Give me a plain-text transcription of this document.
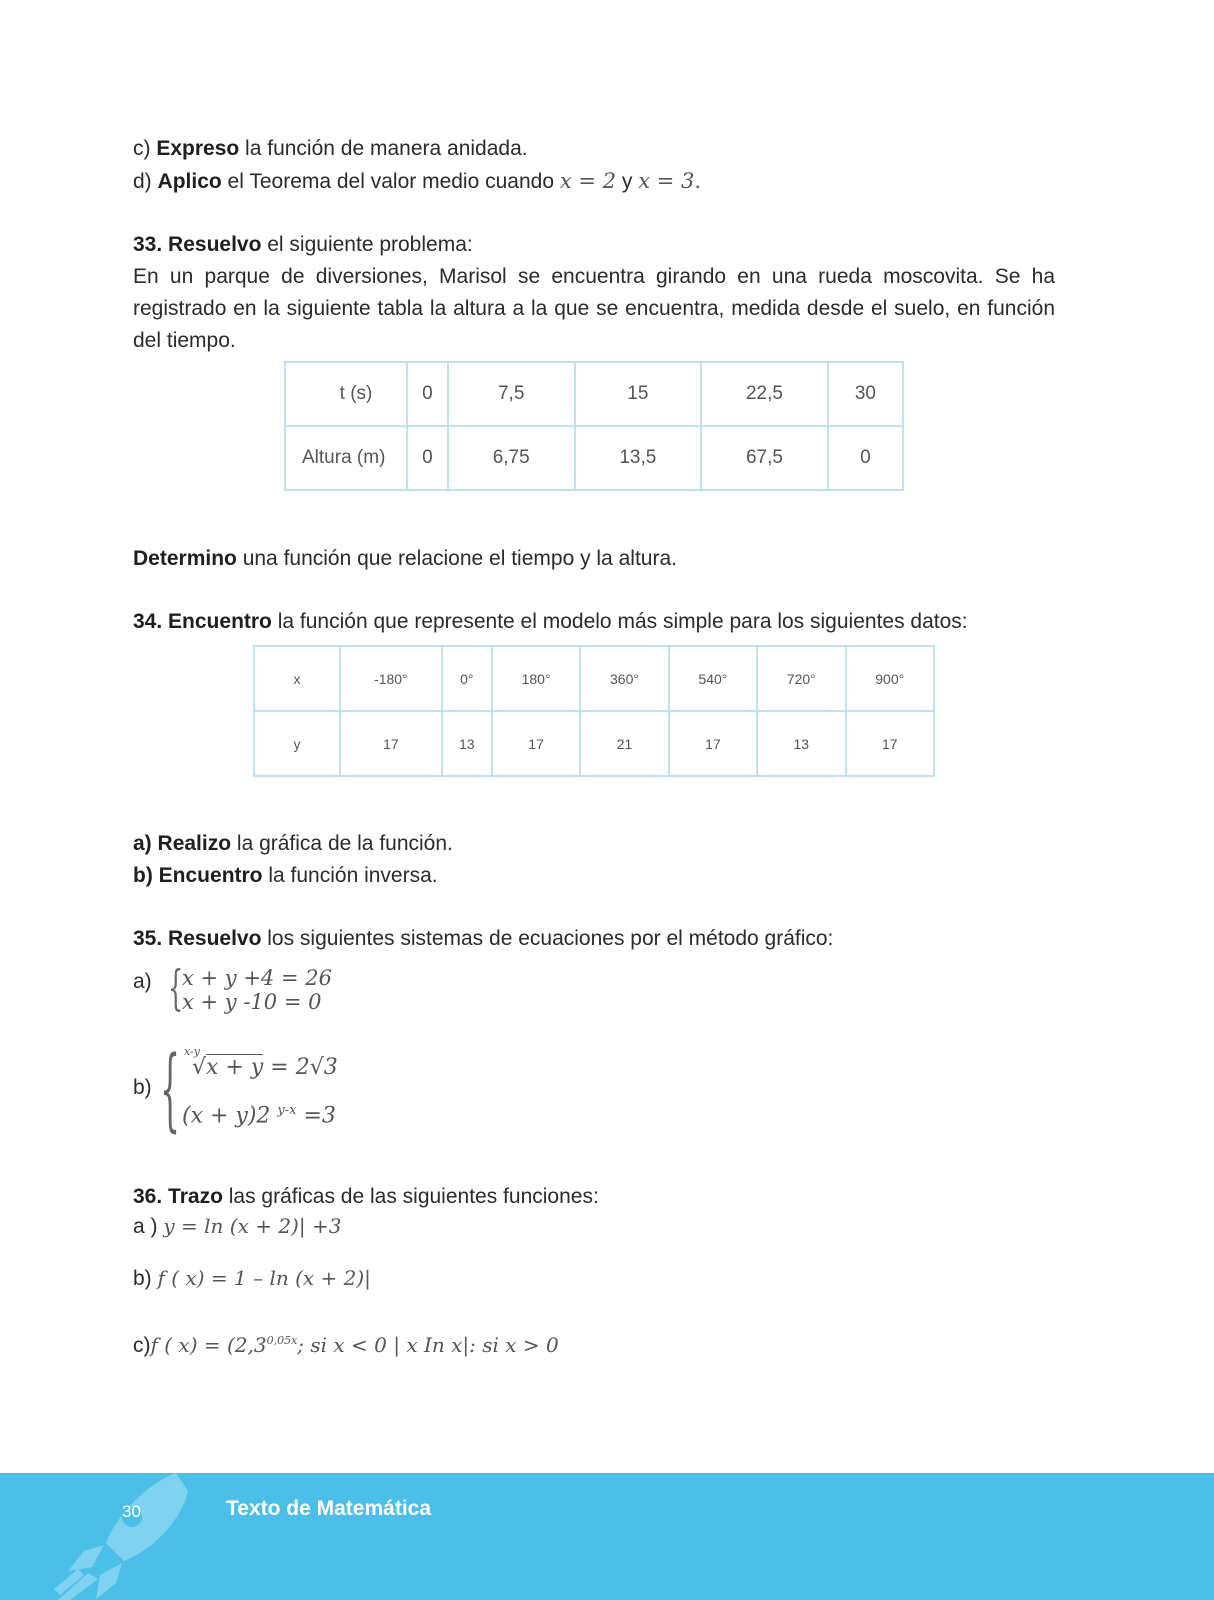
c) Expreso la función de manera anidada.
d) Aplico el Teorema del valor medio cuando x = 2 y x = 3.
33. Resuelvo el siguiente problema:
En un parque de diversiones, Marisol se encuentra girando en una rueda moscovita. Se ha registrado en la siguiente tabla la altura a la que se encuentra, medida desde el suelo, en función del tiempo.
t (s)	0	7,5	15	22,5	30
Altura (m)	0	6,75	13,5	67,5	0
Determino una función que relacione el tiempo y la altura.
34. Encuentro la función que represente el modelo más simple para los siguientes datos:
x	-180°	0°	180°	360°	540°	720°	900°
y	17	13	17	21	17	13	17
a) Realizo la gráfica de la función.
b) Encuentro la función inversa.
35. Resuelvo los siguientes sistemas de ecuaciones por el método gráfico:
a) {
x + y +4 = 26
x + y -10 = 0
b) { x-y
√x + y = 2√3
(x + y)2 $^{y-x}$ =3
36. Trazo las gráficas de las siguientes funciones:
a ) y = ln (x + 2)| +3
b) f ( x) = 1 – ln (x + 2)|
c)f ( $x) = (2,3^{0,05x}$; si x < 0 | x In x|: si x > 0
30	Texto de Matemática
